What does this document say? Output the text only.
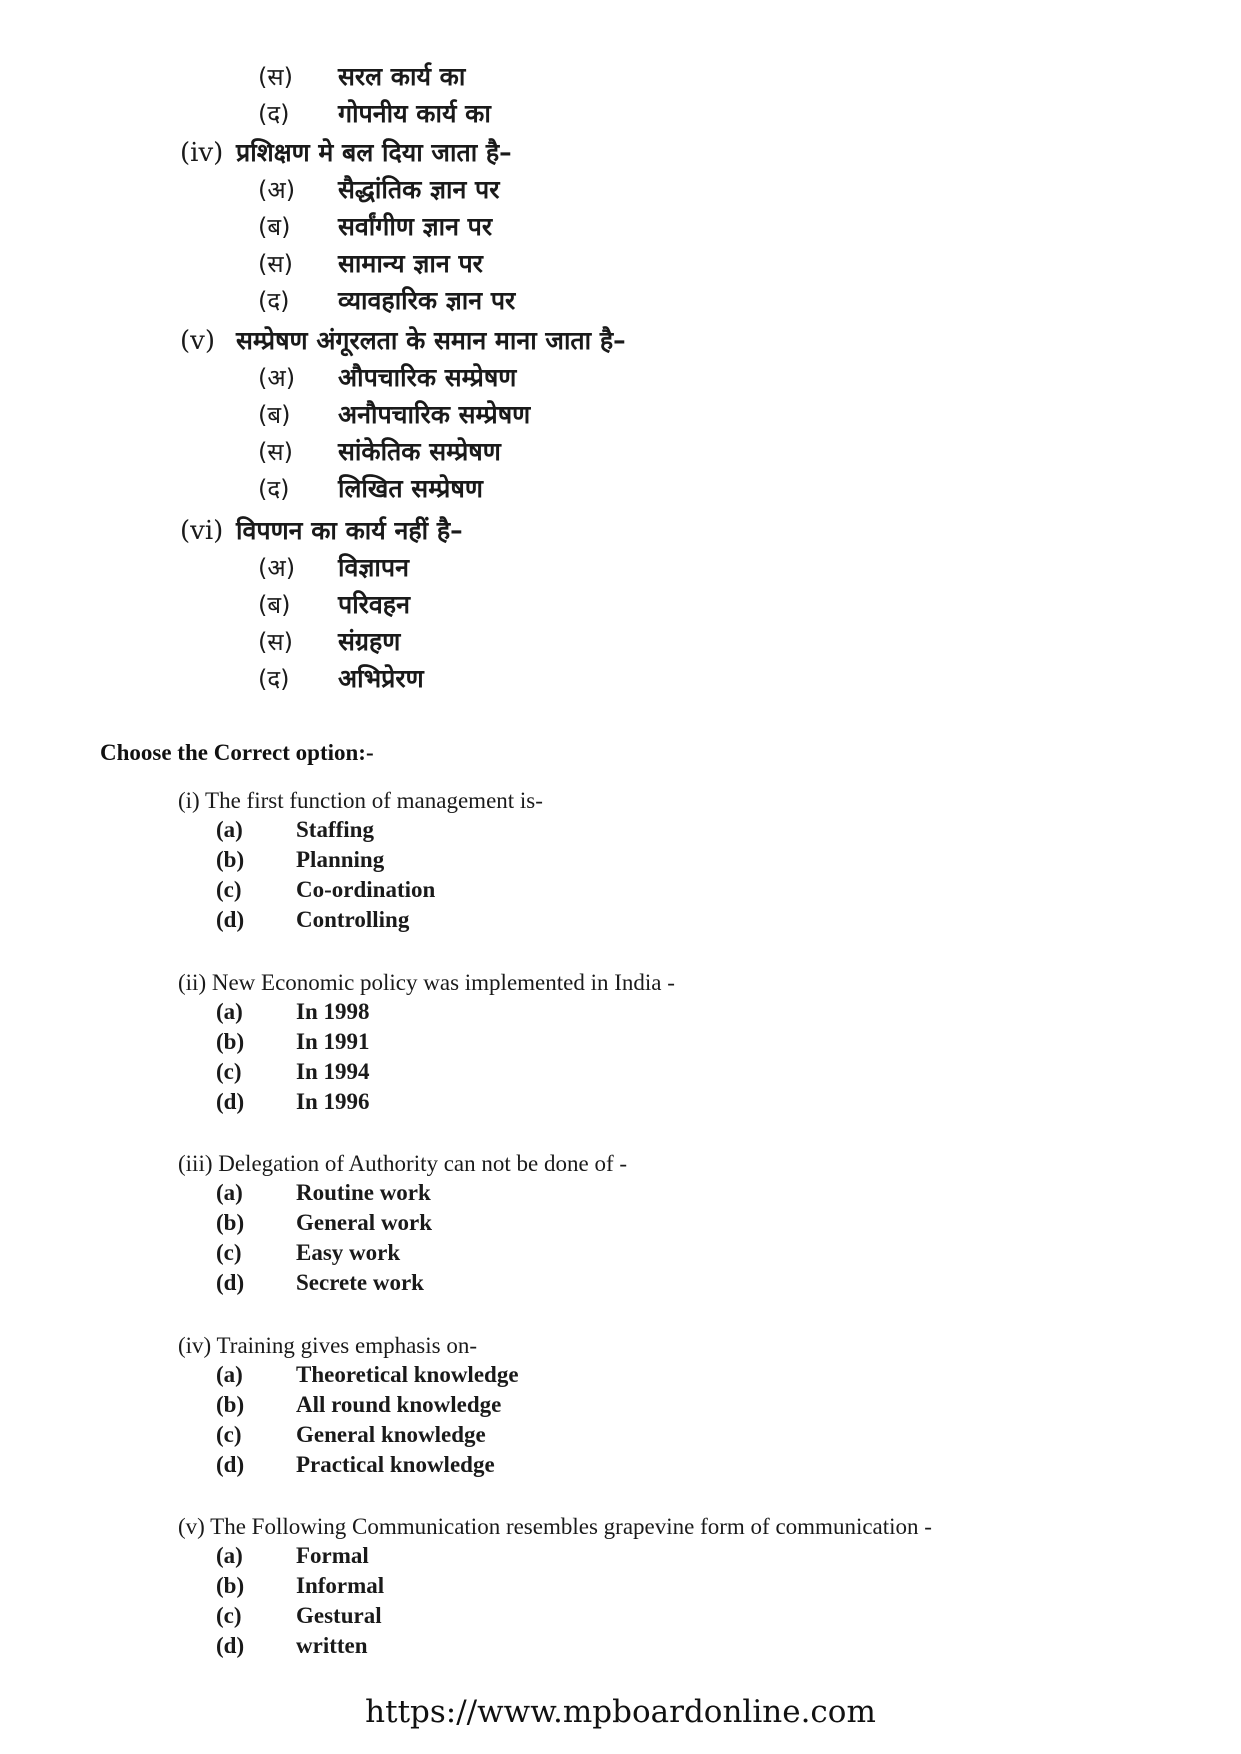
(स)	सरल कार्य का
(द)	गोपनीय कार्य का
(iv) प्रशिक्षण मे बल दिया जाता है–
(अ)	सैद्धांतिक ज्ञान पर
(ब)	सर्वांगीण ज्ञान पर
(स)	सामान्य ज्ञान पर
(द)	व्यावहारिक ज्ञान पर
(v) सम्प्रेषण अंगूरलता के समान माना जाता है–
(अ)	औपचारिक सम्प्रेषण
(ब)	अनौपचारिक सम्प्रेषण
(स)	सांकेतिक सम्प्रेषण
(द)	लिखित सम्प्रेषण
(vi) विपणन का कार्य नहीं है–
(अ)	विज्ञापन
(ब)	परिवहन
(स)	संग्रहण
(द)	अभिप्रेरण
Choose the Correct option:-
(i) The first function of management is-
(a)	Staffing
(b)	Planning
(c)	Co-ordination
(d)	Controlling
(ii) New Economic policy was implemented in India -
(a)	In 1998
(b)	In 1991
(c)	In 1994
(d)	In 1996
(iii) Delegation of Authority can not be done of -
(a)	Routine work
(b)	General work
(c)	Easy work
(d)	Secrete work
(iv) Training gives emphasis on-
(a)	Theoretical knowledge
(b)	All round knowledge
(c)	General knowledge
(d)	Practical knowledge
(v) The Following Communication resembles grapevine form of communication -
(a)	Formal
(b)	Informal
(c)	Gestural
(d)	written
https://www.mpboardonline.com
